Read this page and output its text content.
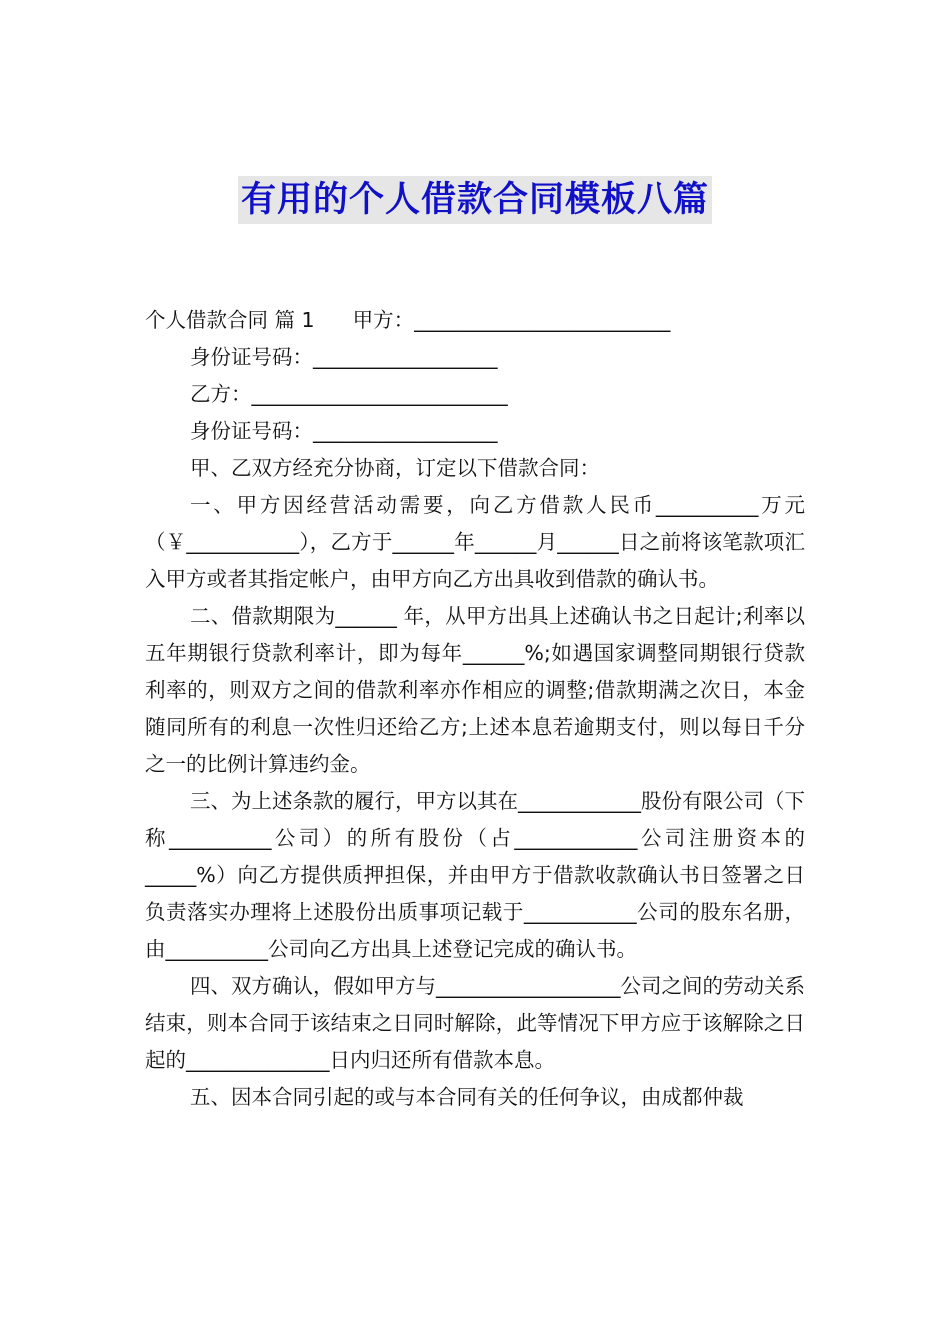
有用的个人借款合同模板八篇
个人借款合同 篇 1 甲方：_________________________
身份证号码：__________________
乙方：_________________________
身份证号码：__________________

甲、乙双方经充分协商，订定以下借款合同：

一、甲方因经营活动需要，向乙方借款人民币__________万元（￥___________），乙方于______年______月______日之前将该笔款项汇入甲方或者其指定帐户，由甲方向乙方出具收到借款的确认书。

二、借款期限为______ 年，从甲方出具上述确认书之日起计;利率以五年期银行贷款利率计，即为每年______%;如遇国家调整同期银行贷款利率的，则双方之间的借款利率亦作相应的调整;借款期满之次日，本金随同所有的利息一次性归还给乙方;上述本息若逾期支付，则以每日千分之一的比例计算违约金。

三、为上述条款的履行，甲方以其在____________股份有限公司（下称__________公司）的所有股份（占____________公司注册资本的 _____%）向乙方提供质押担保，并由甲方于借款收款确认书日签署之日负责落实办理将上述股份出质事项记载于___________公司的股东名册，由__________公司向乙方出具上述登记完成的确认书。

四、双方确认，假如甲方与__________________公司之间的劳动关系结束，则本合同于该结束之日同时解除，此等情况下甲方应于该解除之日起的______________日内归还所有借款本息。

五、因本合同引起的或与本合同有关的任何争议，由成都仲裁
